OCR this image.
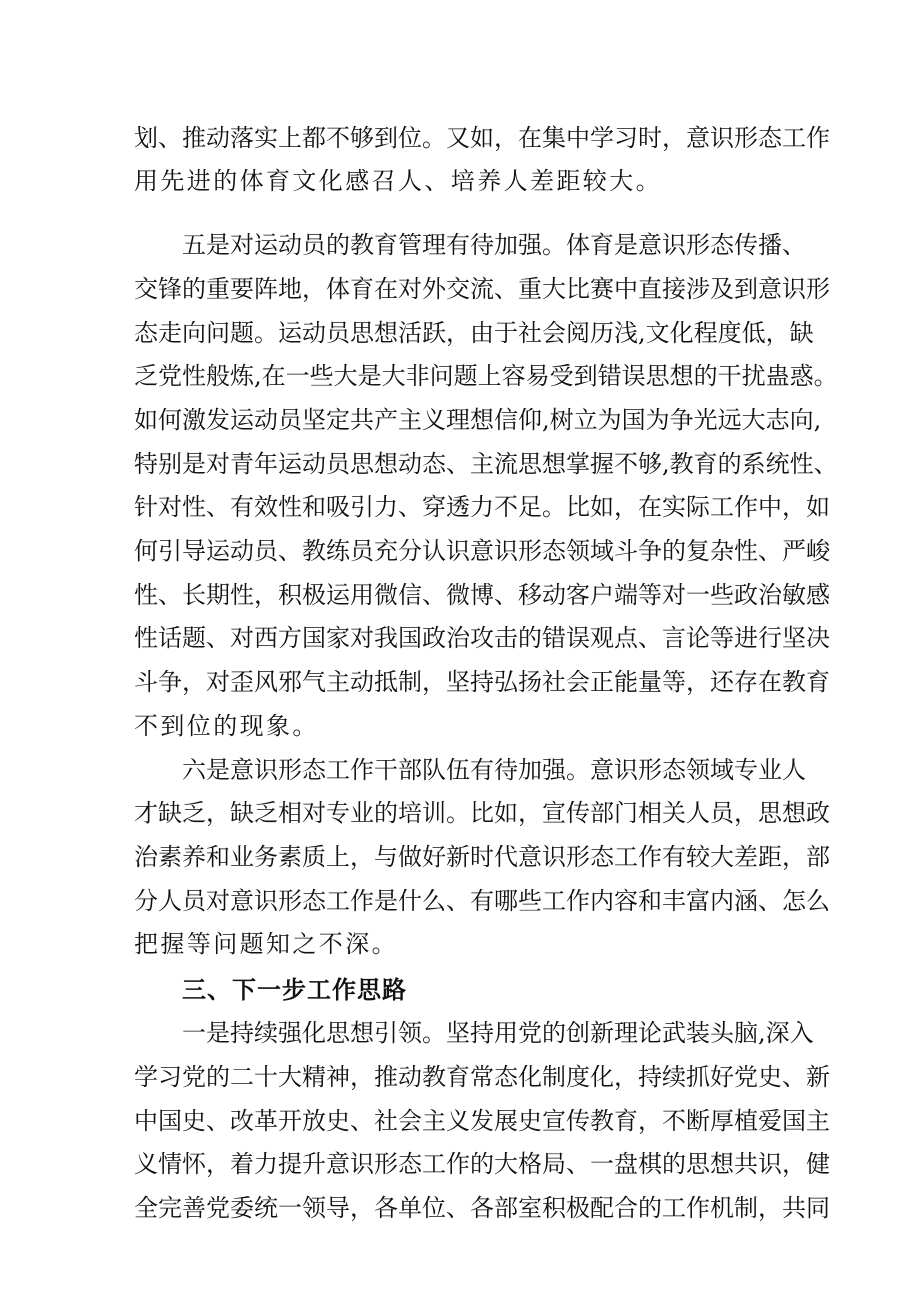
划、推动落实上都不够到位。又如，在集中学习时，意识形态工作
用先进的体育文化感召人、培养人差距较大。
五是对运动员的教育管理有待加强。体育是意识形态传播、
交锋的重要阵地，体育在对外交流、重大比赛中直接涉及到意识形
态走向问题。运动员思想活跃，由于社会阅历浅,文化程度低，缺
乏党性般炼,在一些大是大非问题上容易受到错误思想的干扰蛊惑。
如何激发运动员坚定共产主义理想信仰,树立为国为争光远大志向,
特别是对青年运动员思想动态、主流思想掌握不够,教育的系统性、
针对性、有效性和吸引力、穿透力不足。比如，在实际工作中，如
何引导运动员、教练员充分认识意识形态领域斗争的复杂性、严峻
性、长期性，积极运用微信、微博、移动客户端等对一些政治敏感
性话题、对西方国家对我国政治攻击的错误观点、言论等进行坚决
斗争，对歪风邪气主动抵制，坚持弘扬社会正能量等，还存在教育
不到位的现象。
六是意识形态工作干部队伍有待加强。意识形态领域专业人
才缺乏，缺乏相对专业的培训。比如，宣传部门相关人员，思想政
治素养和业务素质上，与做好新时代意识形态工作有较大差距，部
分人员对意识形态工作是什么、有哪些工作内容和丰富内涵、怎么
把握等问题知之不深。
三、下一步工作思路
一是持续强化思想引领。坚持用党的创新理论武装头脑,深入
学习党的二十大精神，推动教育常态化制度化，持续抓好党史、新
中国史、改革开放史、社会主义发展史宣传教育，不断厚植爱国主
义情怀，着力提升意识形态工作的大格局、一盘棋的思想共识，健
全完善党委统一领导，各单位、各部室积极配合的工作机制，共同
